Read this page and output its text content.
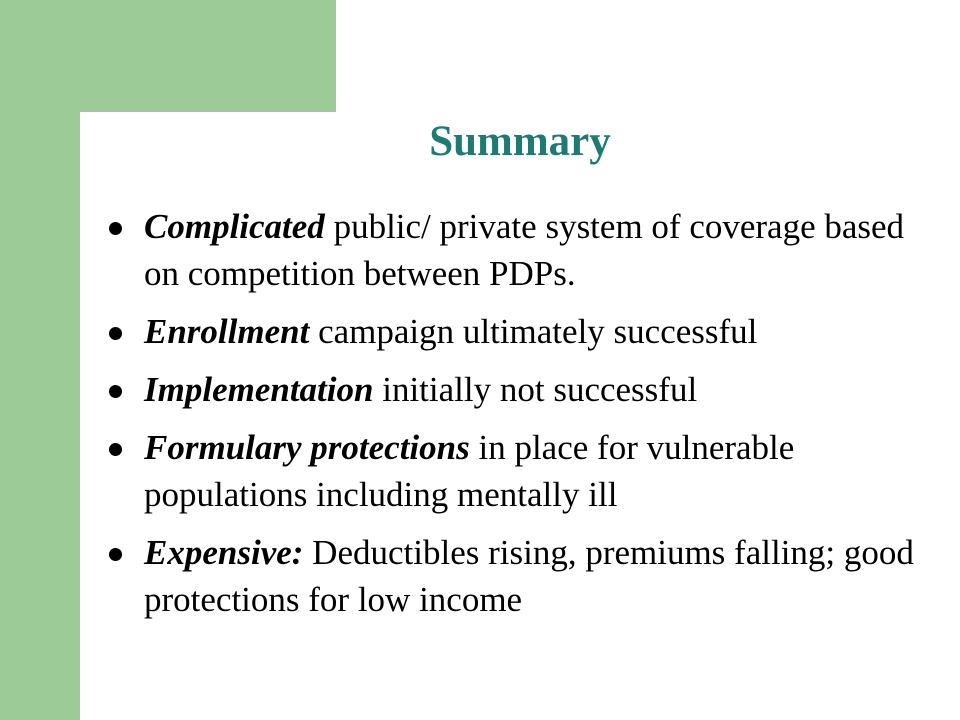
Summary
Complicated public/ private system of coverage based on competition between PDPs.
Enrollment campaign ultimately successful
Implementation initially not successful
Formulary protections in place for vulnerable populations including mentally ill
Expensive: Deductibles rising, premiums falling; good protections for low income
